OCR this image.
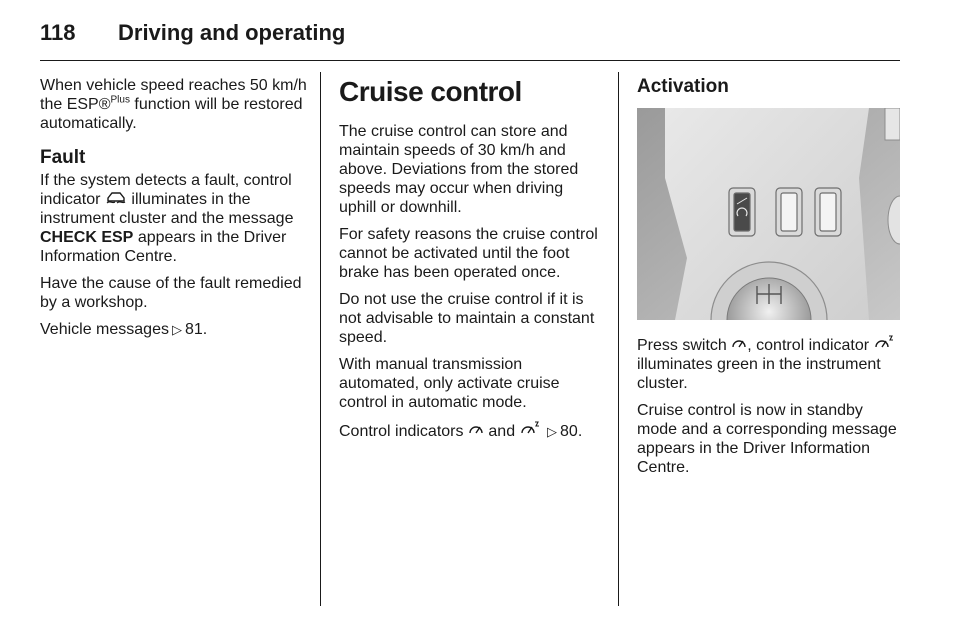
118 Driving and operating

When vehicle speed reaches 50 km/h the ESP®$^{Plus}$ function will be restored automatically.

Fault

If the system detects a fault, control indicator illuminates in the instrument cluster and the message CHECK ESP appears in the Driver Information Centre.

Have the cause of the fault remedied by a workshop.

Vehicle messages ▷ 81.

Cruise control

The cruise control can store and maintain speeds of 30 km/h and above. Deviations from the stored speeds may occur when driving uphill or downhill.

For safety reasons the cruise control cannot be activated until the foot brake has been operated once.

Do not use the cruise control if it is not advisable to maintain a constant speed.

With manual transmission automated, only activate cruise control in automatic mode.

Control indicators and ▷ 80.

Activation

Press switch , control indicator  illuminates green in the instrument cluster.

Cruise control is now in standby mode and a corresponding message appears in the Driver Information Centre.
